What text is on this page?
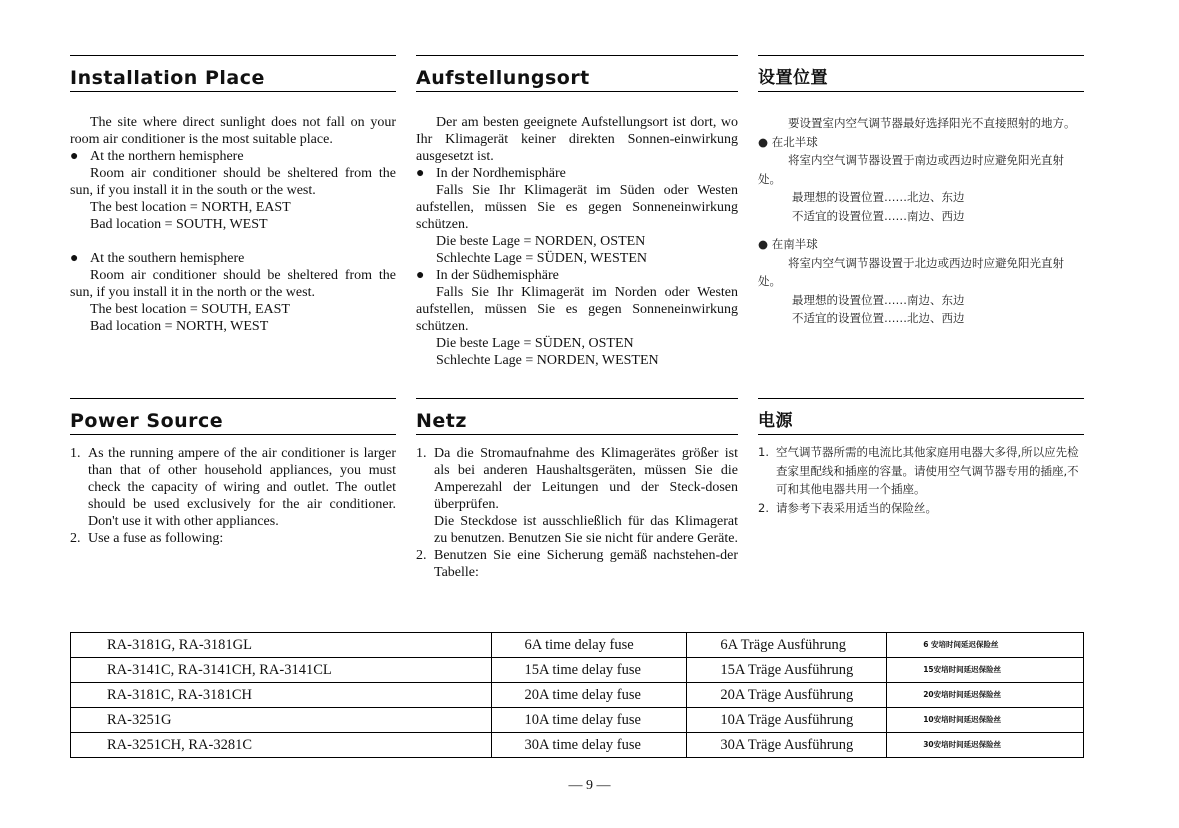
Installation Place

The site where direct sunlight does not fall on your room air conditioner is the most suitable place.

● At the northern hemisphere

Room air conditioner should be sheltered from the sun, if you install it in the south or the west.

The best location = NORTH, EAST

Bad location = SOUTH, WEST

● At the southern hemisphere

Room air conditioner should be sheltered from the sun, if you install it in the north or the west.

The best location = SOUTH, EAST

Bad location = NORTH, WEST

Aufstellungsort

Der am besten geeignete Aufstellungsort ist dort, wo Ihr Klimagerät keiner direkten Sonnen-einwirkung ausgesetzt ist.

● In der Nordhemisphäre

Falls Sie Ihr Klimagerät im Süden oder Westen aufstellen, müssen Sie es gegen Sonneneinwirkung schützen.

Die beste Lage = NORDEN, OSTEN

Schlechte Lage = SÜDEN, WESTEN

● In der Südhemisphäre

Falls Sie Ihr Klimagerät im Norden oder Westen aufstellen, müssen Sie es gegen Sonneneinwirkung schützen.

Die beste Lage = SÜDEN, OSTEN

Schlechte Lage = NORDEN, WESTEN

设置位置

要设置室内空气调节器最好选择阳光不直接照射的地方。

● 在北半球

将室内空气调节器设置于南边或西边时应避免阳光直射处。

最理想的设置位置……北边、东边

不适宜的设置位置……南边、西边

● 在南半球

将室内空气调节器设置于北边或西边时应避免阳光直射处。

最理想的设置位置……南边、东边

不适宜的设置位置……北边、西边

Power Source
1. As the running ampere of the air conditioner is larger than that of other household appliances, you must check the capacity of wiring and outlet. The outlet should be used exclusively for the air conditioner. Don't use it with other appliances.

2. Use a fuse as following:

Netz
1. Da die Stromaufnahme des Klimagerätes größer ist als bei anderen Haushaltsgeräten, müssen Sie die Amperezahl der Leitungen und der Steck-dosen überprüfen.

Die Steckdose ist ausschließlich für das Klimagerat zu benutzen. Benutzen Sie sie nicht für andere Geräte.

2. Benutzen Sie eine Sicherung gemäß nachstehen-der Tabelle:

电源
1. 空气调节器所需的电流比其他家庭用电器大多得,所以应先检查家里配线和插座的容量。请使用空气调节器专用的插座,不可和其他电器共用一个插座。

2. 请参考下表采用适当的保险丝。

RA-3181G, RA-3181GL	6A time delay fuse	6A Träge Ausführung	6 安培时间延迟保险丝
RA-3141C, RA-3141CH, RA-3141CL	15A time delay fuse	15A Träge Ausführung	15安培时间延迟保险丝
RA-3181C, RA-3181CH	20A time delay fuse	20A Träge Ausführung	20安培时间延迟保险丝
RA-3251G	10A time delay fuse	10A Träge Ausführung	10安培时间延迟保险丝
RA-3251CH, RA-3281C	30A time delay fuse	30A Träge Ausführung	30安培时间延迟保险丝
— 9 —
